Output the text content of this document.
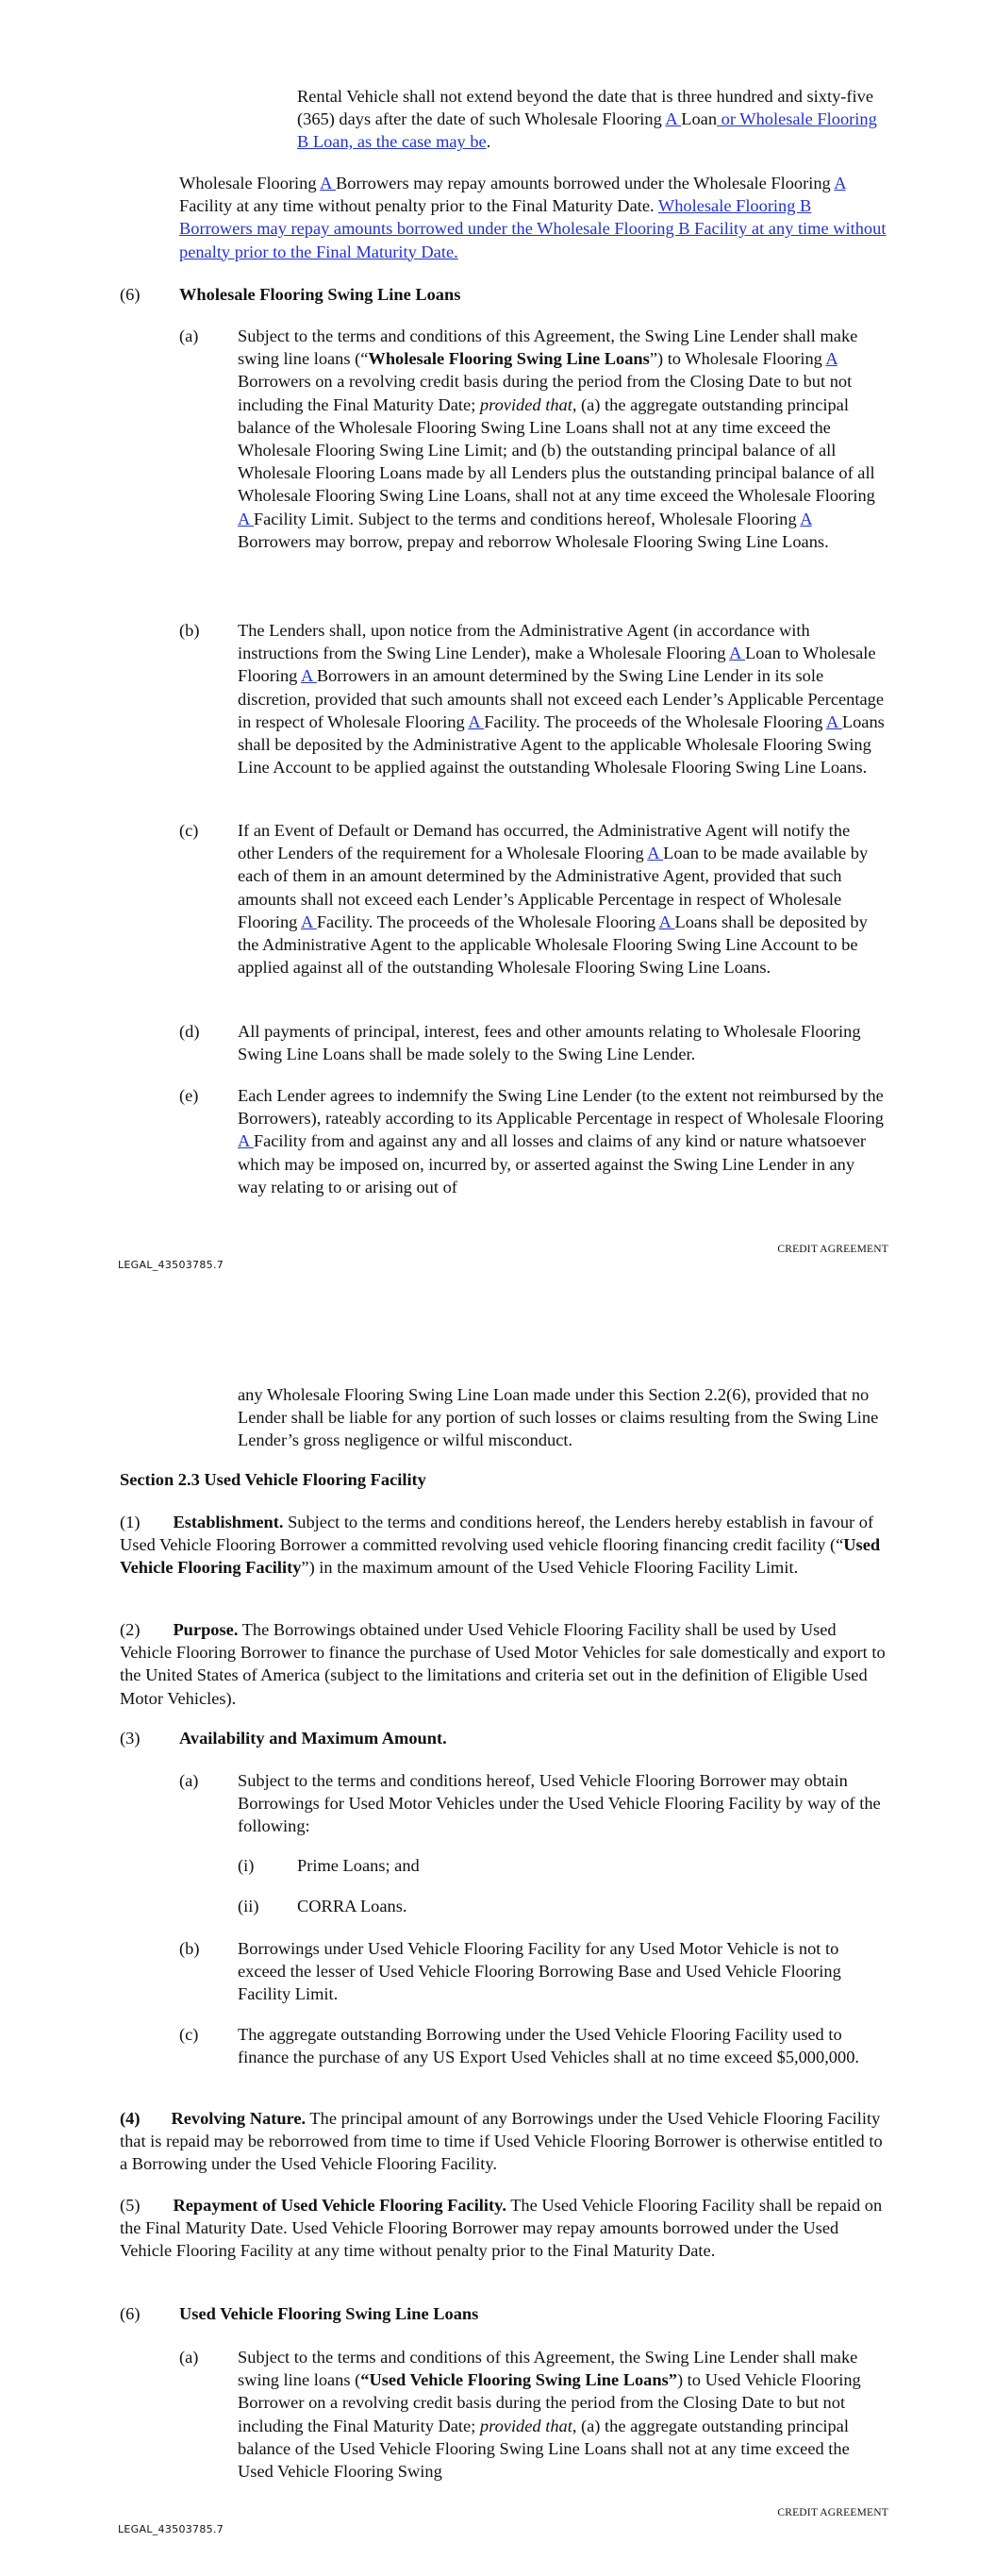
Rental Vehicle shall not extend beyond the date that is three hundred and sixty-five (365) days after the date of such Wholesale Flooring A Loan or Wholesale Flooring B Loan, as the case may be.

Wholesale Flooring A Borrowers may repay amounts borrowed under the Wholesale Flooring A Facility at any time without penalty prior to the Final Maturity Date. Wholesale Flooring B Borrowers may repay amounts borrowed under the Wholesale Flooring B Facility at any time without penalty prior to the Final Maturity Date.

(6) Wholesale Flooring Swing Line Loans

(a) Subject to the terms and conditions of this Agreement, the Swing Line Lender shall make swing line loans (“Wholesale Flooring Swing Line Loans”) to Wholesale Flooring A Borrowers on a revolving credit basis during the period from the Closing Date to but not including the Final Maturity Date; provided that, (a) the aggregate outstanding principal balance of the Wholesale Flooring Swing Line Loans shall not at any time exceed the Wholesale Flooring Swing Line Limit; and (b) the outstanding principal balance of all Wholesale Flooring Loans made by all Lenders plus the outstanding principal balance of all Wholesale Flooring Swing Line Loans, shall not at any time exceed the Wholesale Flooring A Facility Limit. Subject to the terms and conditions hereof, Wholesale Flooring A Borrowers may borrow, prepay and reborrow Wholesale Flooring Swing Line Loans.

(b) The Lenders shall, upon notice from the Administrative Agent (in accordance with instructions from the Swing Line Lender), make a Wholesale Flooring A Loan to Wholesale Flooring A Borrowers in an amount determined by the Swing Line Lender in its sole discretion, provided that such amounts shall not exceed each Lender’s Applicable Percentage in respect of Wholesale Flooring A Facility. The proceeds of the Wholesale Flooring A Loans shall be deposited by the Administrative Agent to the applicable Wholesale Flooring Swing Line Account to be applied against the outstanding Wholesale Flooring Swing Line Loans.

(c) If an Event of Default or Demand has occurred, the Administrative Agent will notify the other Lenders of the requirement for a Wholesale Flooring A Loan to be made available by each of them in an amount determined by the Administrative Agent, provided that such amounts shall not exceed each Lender’s Applicable Percentage in respect of Wholesale Flooring A Facility. The proceeds of the Wholesale Flooring A Loans shall be deposited by the Administrative Agent to the applicable Wholesale Flooring Swing Line Account to be applied against all of the outstanding Wholesale Flooring Swing Line Loans.

(d) All payments of principal, interest, fees and other amounts relating to Wholesale Flooring Swing Line Loans shall be made solely to the Swing Line Lender.

(e) Each Lender agrees to indemnify the Swing Line Lender (to the extent not reimbursed by the Borrowers), rateably according to its Applicable Percentage in respect of Wholesale Flooring A Facility from and against any and all losses and claims of any kind or nature whatsoever which may be imposed on, incurred by, or asserted against the Swing Line Lender in any way relating to or arising out of

CREDIT AGREEMENT
LEGAL_43503785.7

any Wholesale Flooring Swing Line Loan made under this Section 2.2(6), provided that no Lender shall be liable for any portion of such losses or claims resulting from the Swing Line Lender’s gross negligence or wilful misconduct.

Section 2.3 Used Vehicle Flooring Facility

(1) Establishment. Subject to the terms and conditions hereof, the Lenders hereby establish in favour of Used Vehicle Flooring Borrower a committed revolving used vehicle flooring financing credit facility (“Used Vehicle Flooring Facility”) in the maximum amount of the Used Vehicle Flooring Facility Limit.

(2) Purpose. The Borrowings obtained under Used Vehicle Flooring Facility shall be used by Used Vehicle Flooring Borrower to finance the purchase of Used Motor Vehicles for sale domestically and export to the United States of America (subject to the limitations and criteria set out in the definition of Eligible Used Motor Vehicles).

(3) Availability and Maximum Amount.

(a) Subject to the terms and conditions hereof, Used Vehicle Flooring Borrower may obtain Borrowings for Used Motor Vehicles under the Used Vehicle Flooring Facility by way of the following:

(i) Prime Loans; and

(ii) CORRA Loans.

(b) Borrowings under Used Vehicle Flooring Facility for any Used Motor Vehicle is not to exceed the lesser of Used Vehicle Flooring Borrowing Base and Used Vehicle Flooring Facility Limit.

(c) The aggregate outstanding Borrowing under the Used Vehicle Flooring Facility used to finance the purchase of any US Export Used Vehicles shall at no time exceed $5,000,000.

(4) Revolving Nature. The principal amount of any Borrowings under the Used Vehicle Flooring Facility that is repaid may be reborrowed from time to time if Used Vehicle Flooring Borrower is otherwise entitled to a Borrowing under the Used Vehicle Flooring Facility.

(5) Repayment of Used Vehicle Flooring Facility. The Used Vehicle Flooring Facility shall be repaid on the Final Maturity Date. Used Vehicle Flooring Borrower may repay amounts borrowed under the Used Vehicle Flooring Facility at any time without penalty prior to the Final Maturity Date.

(6) Used Vehicle Flooring Swing Line Loans

(a) Subject to the terms and conditions of this Agreement, the Swing Line Lender shall make swing line loans (“Used Vehicle Flooring Swing Line Loans”) to Used Vehicle Flooring Borrower on a revolving credit basis during the period from the Closing Date to but not including the Final Maturity Date; provided that, (a) the aggregate outstanding principal balance of the Used Vehicle Flooring Swing Line Loans shall not at any time exceed the Used Vehicle Flooring Swing

CREDIT AGREEMENT
LEGAL_43503785.7
